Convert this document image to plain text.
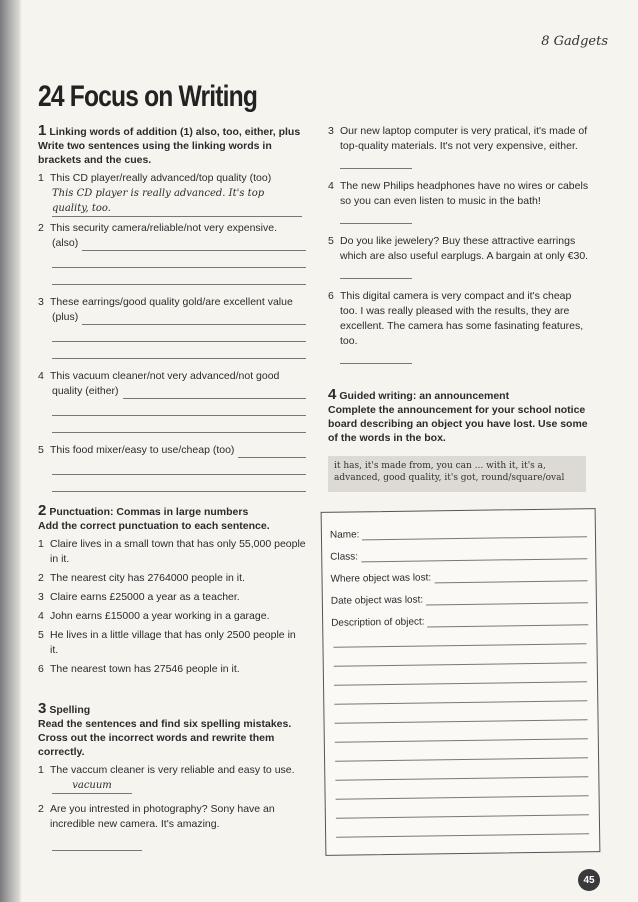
8 Gadgets
24 Focus on Writing
1 Linking words of addition (1) also, too, either, plus
Write two sentences using the linking words in brackets and the cues.
1 This CD player/really advanced/top quality (too)
This CD player is really advanced. It's top quality, too.
2 This security camera/reliable/not very expensive.
(also)
3 These earrings/good quality gold/are excellent value
(plus)
4 This vacuum cleaner/not very advanced/not good
quality (either)
5 This food mixer/easy to use/cheap (too)
3 Our new laptop computer is very pratical, it's made of top-quality materials. It's not very expensive, either.
4 The new Philips headphones have no wires or cabels so you can even listen to music in the bath!
5 Do you like jewelery? Buy these attractive earrings which are also useful earplugs. A bargain at only €30.
6 This digital camera is very compact and it's cheap too. I was really pleased with the results, they are excellent. The camera has some fasinating features, too.
4 Guided writing: an announcement
Complete the announcement for your school notice board describing an object you have lost. Use some of the words in the box.
it has, it's made from, you can ... with it, it's a, advanced, good quality, it's got, round/square/oval
Name:
Class:
Where object was lost:
Date object was lost:
Description of object:
2 Punctuation: Commas in large numbers
Add the correct punctuation to each sentence.
1 Claire lives in a small town that has only 55,000 people in it.
2 The nearest city has 2764000 people in it.
3 Claire earns £25000 a year as a teacher.
4 John earns £15000 a year working in a garage.
5 He lives in a little village that has only 2500 people in it.
6 The nearest town has 27546 people in it.
3 Spelling
Read the sentences and find six spelling mistakes. Cross out the incorrect words and rewrite them correctly.
1 The vaccum cleaner is very reliable and easy to use.
vacuum
2 Are you intrested in photography? Sony have an incredible new camera. It's amazing.
45
